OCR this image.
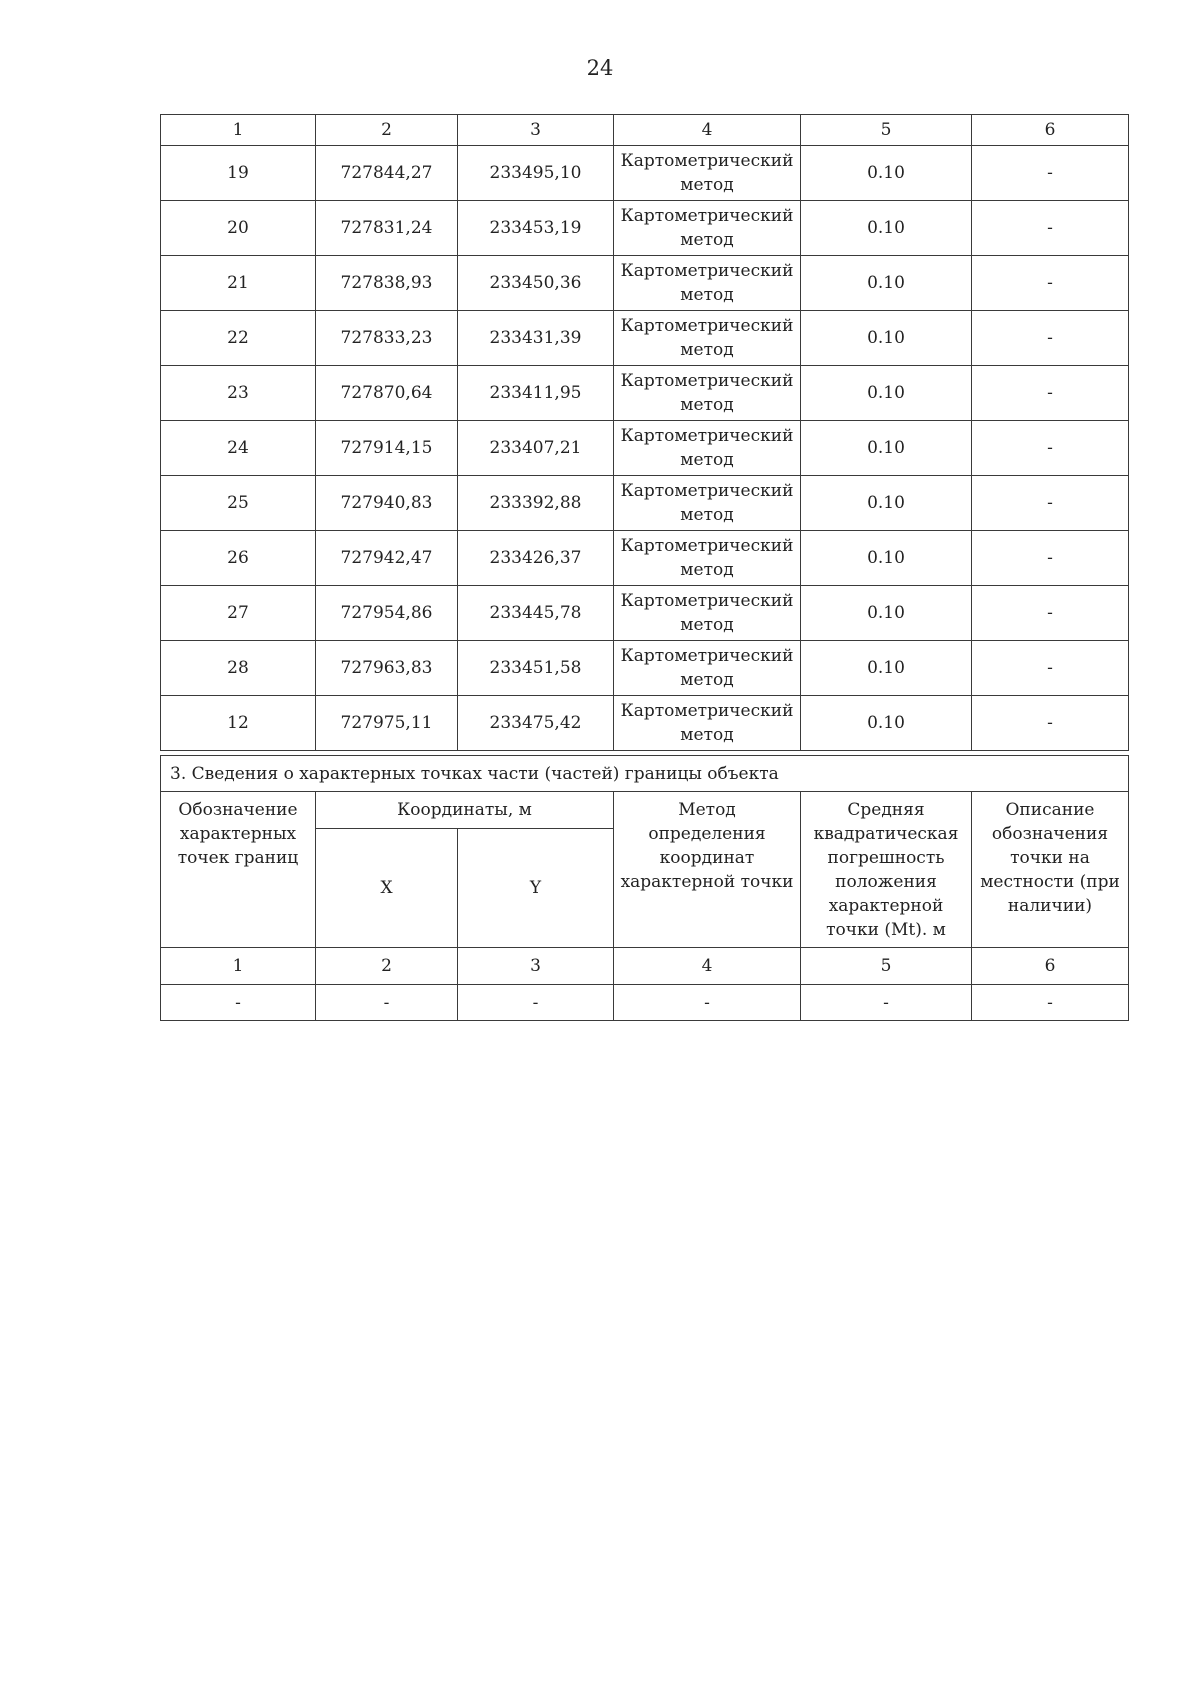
24
1	2	3	4	5	6
19	727844,27	233495,10	Картометрический метод	0.10	-
20	727831,24	233453,19	Картометрический метод	0.10	-
21	727838,93	233450,36	Картометрический метод	0.10	-
22	727833,23	233431,39	Картометрический метод	0.10	-
23	727870,64	233411,95	Картометрический метод	0.10	-
24	727914,15	233407,21	Картометрический метод	0.10	-
25	727940,83	233392,88	Картометрический метод	0.10	-
26	727942,47	233426,37	Картометрический метод	0.10	-
27	727954,86	233445,78	Картометрический метод	0.10	-
28	727963,83	233451,58	Картометрический метод	0.10	-
12	727975,11	233475,42	Картометрический метод	0.10	-
3. Сведения о характерных точках части (частей) границы объекта					
Обозначение характерных точек границ	Координаты, м		Метод определения координат характерной точки	Средняя квадратическая погрешность положения характерной точки (Mt). м	Описание обозначения точки на местности (при наличии)
	X	Y			
1	2	3	4	5	6
-	-	-	-	-	-
